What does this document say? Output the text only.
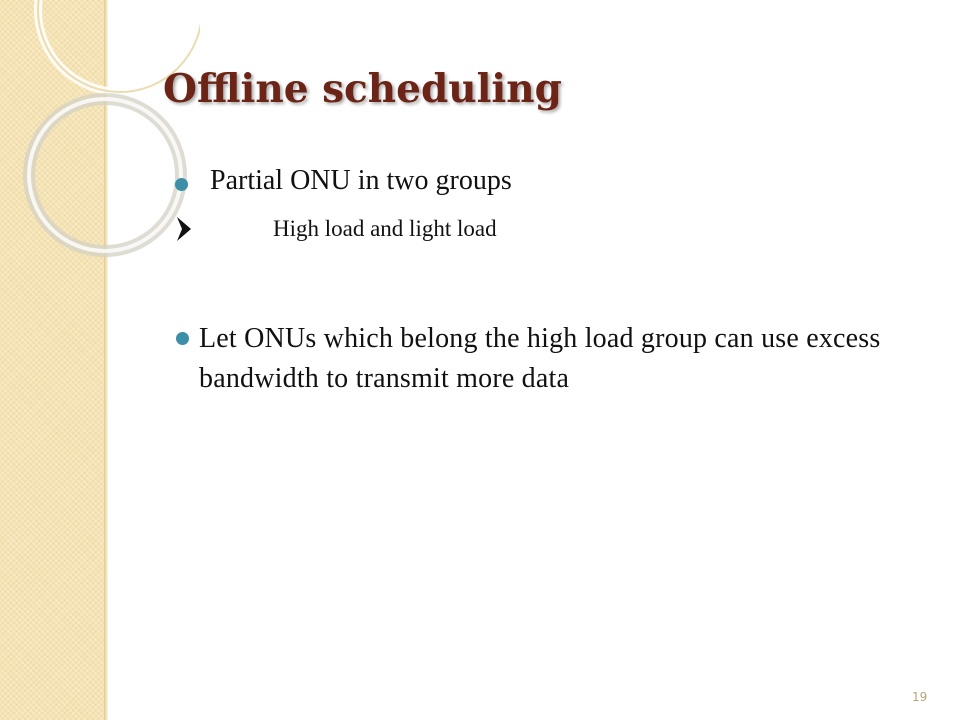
Offline scheduling
Partial ONU in two groups
High load and light load
Let ONUs which belong the high load group can use excess bandwidth to transmit more data
19
